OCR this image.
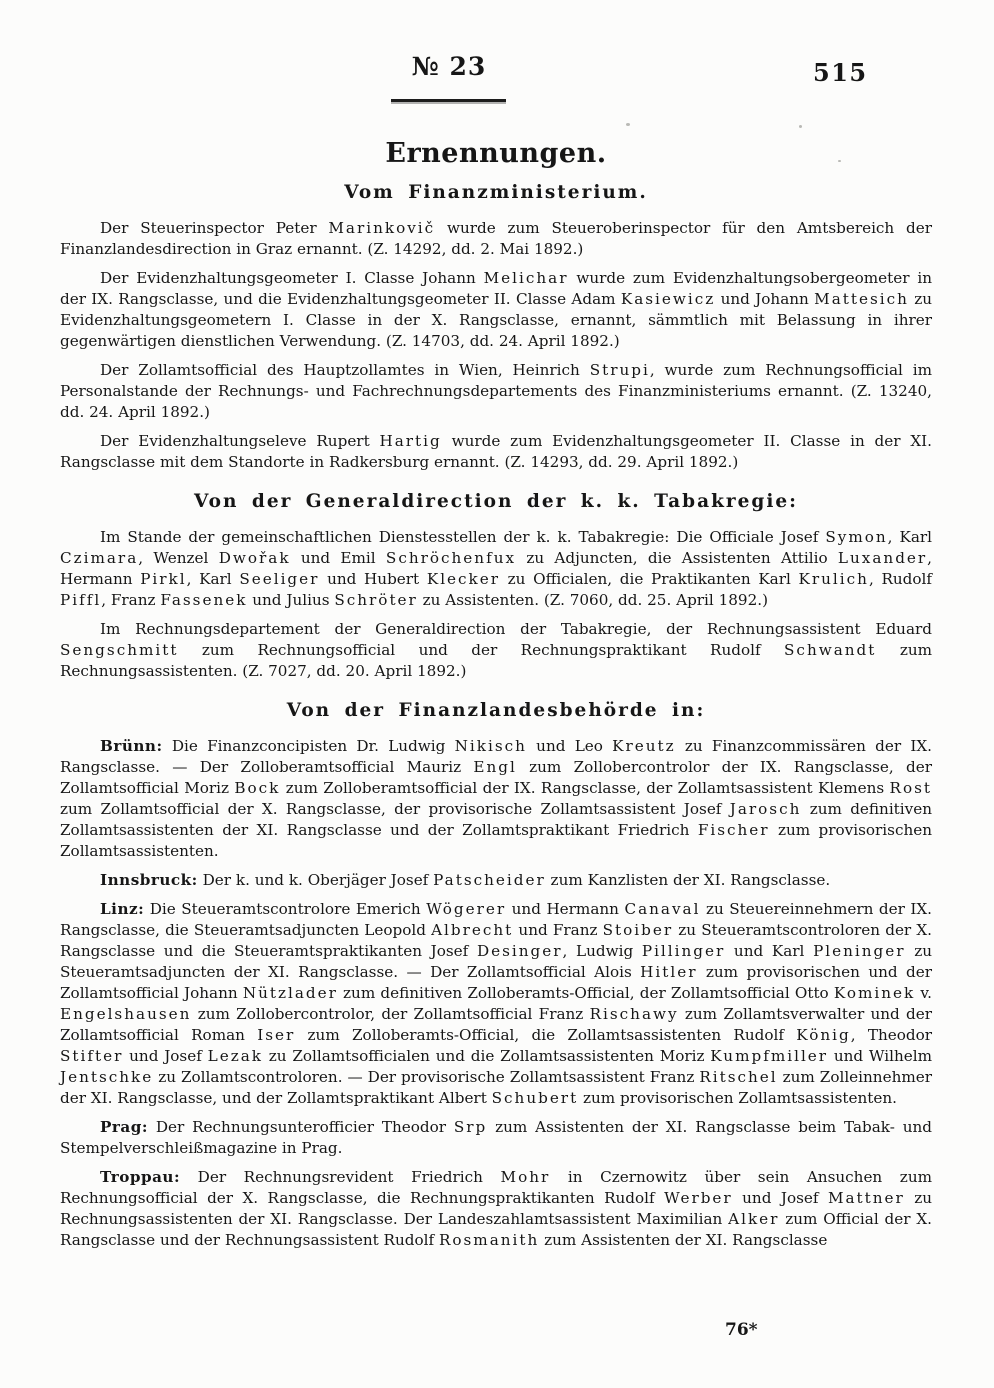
№ 23	515
Ernennungen.
Vom Finanzministerium.

Der Steuerinspector Peter Marinkovič wurde zum Steueroberinspector für den Amtsbereich der Finanzlandesdirection in Graz ernannt. (Z. 14292, dd. 2. Mai 1892.)

Der Evidenzhaltungsgeometer I. Classe Johann Melichar wurde zum Evidenzhaltungsobergeometer in der IX. Rangsclasse, und die Evidenzhaltungsgeometer II. Classe Adam Kasiewicz und Johann Mattesich zu Evidenzhaltungsgeometern I. Classe in der X. Rangsclasse, ernannt, sämmtlich mit Belassung in ihrer gegenwärtigen dienstlichen Verwendung. (Z. 14703, dd. 24. April 1892.)

Der Zollamtsofficial des Hauptzollamtes in Wien, Heinrich Strupi, wurde zum Rechnungsofficial im Personalstande der Rechnungs- und Fachrechnungsdepartements des Finanzministeriums ernannt. (Z. 13240, dd. 24. April 1892.)

Der Evidenzhaltungseleve Rupert Hartig wurde zum Evidenzhaltungsgeometer II. Classe in der XI. Rangsclasse mit dem Standorte in Radkersburg ernannt. (Z. 14293, dd. 29. April 1892.)

Von der Generaldirection der k. k. Tabakregie:

Im Stande der gemeinschaftlichen Dienstesstellen der k. k. Tabakregie: Die Officiale Josef Symon, Karl Czimara, Wenzel Dwořak und Emil Schröchenfux zu Adjuncten, die Assistenten Attilio Luxander, Hermann Pirkl, Karl Seeliger und Hubert Klecker zu Officialen, die Praktikanten Karl Krulich, Rudolf Piffl, Franz Fassenek und Julius Schröter zu Assistenten. (Z. 7060, dd. 25. April 1892.)

Im Rechnungsdepartement der Generaldirection der Tabakregie, der Rechnungsassistent Eduard Sengschmitt zum Rechnungsofficial und der Rechnungspraktikant Rudolf Schwandt zum Rechnungsassistenten. (Z. 7027, dd. 20. April 1892.)

Von der Finanzlandesbehörde in:

Brünn: Die Finanzconcipisten Dr. Ludwig Nikisch und Leo Kreutz zu Finanzcommissären der IX. Rangsclasse. — Der Zolloberamtsofficial Mauriz Engl zum Zollobercontrolor der IX. Rangsclasse, der Zollamtsofficial Moriz Bock zum Zolloberamtsofficial der IX. Rangsclasse, der Zollamtsassistent Klemens Rost zum Zollamtsofficial der X. Rangsclasse, der provisorische Zollamtsassistent Josef Jarosch zum definitiven Zollamtsassistenten der XI. Rangsclasse und der Zollamtspraktikant Friedrich Fischer zum provisorischen Zollamtsassistenten.

Innsbruck: Der k. und k. Oberjäger Josef Patscheider zum Kanzlisten der XI. Rangsclasse.

Linz: Die Steueramtscontrolore Emerich Wögerer und Hermann Canaval zu Steuereinnehmern der IX. Rangsclasse, die Steueramtsadjuncten Leopold Albrecht und Franz Stoiber zu Steueramtscontroloren der X. Rangsclasse und die Steueramtspraktikanten Josef Desinger, Ludwig Pillinger und Karl Pleninger zu Steueramtsadjuncten der XI. Rangsclasse. — Der Zollamtsofficial Alois Hitler zum provisorischen und der Zollamtsofficial Johann Nützlader zum definitiven Zolloberamts-Official, der Zollamtsofficial Otto Kominek v. Engelshausen zum Zollobercontrolor, der Zollamtsofficial Franz Rischawy zum Zollamtsverwalter und der Zollamtsofficial Roman Iser zum Zolloberamts-Official, die Zollamtsassistenten Rudolf König, Theodor Stifter und Josef Lezak zu Zollamtsofficialen und die Zollamtsassistenten Moriz Kumpfmiller und Wilhelm Jentschke zu Zollamtscontroloren. — Der provisorische Zollamtsassistent Franz Ritschel zum Zolleinnehmer der XI. Rangsclasse, und der Zollamtspraktikant Albert Schubert zum provisorischen Zollamtsassistenten.

Prag: Der Rechnungsunterofficier Theodor Srp zum Assistenten der XI. Rangsclasse beim Tabak- und Stempelverschleißmagazine in Prag.

Troppau: Der Rechnungsrevident Friedrich Mohr in Czernowitz über sein Ansuchen zum Rechnungsofficial der X. Rangsclasse, die Rechnungspraktikanten Rudolf Werber und Josef Mattner zu Rechnungsassistenten der XI. Rangsclasse. Der Landeszahlamtsassistent Maximilian Alker zum Official der X. Rangsclasse und der Rechnungsassistent Rudolf Rosmanith zum Assistenten der XI. Rangsclasse

76*
